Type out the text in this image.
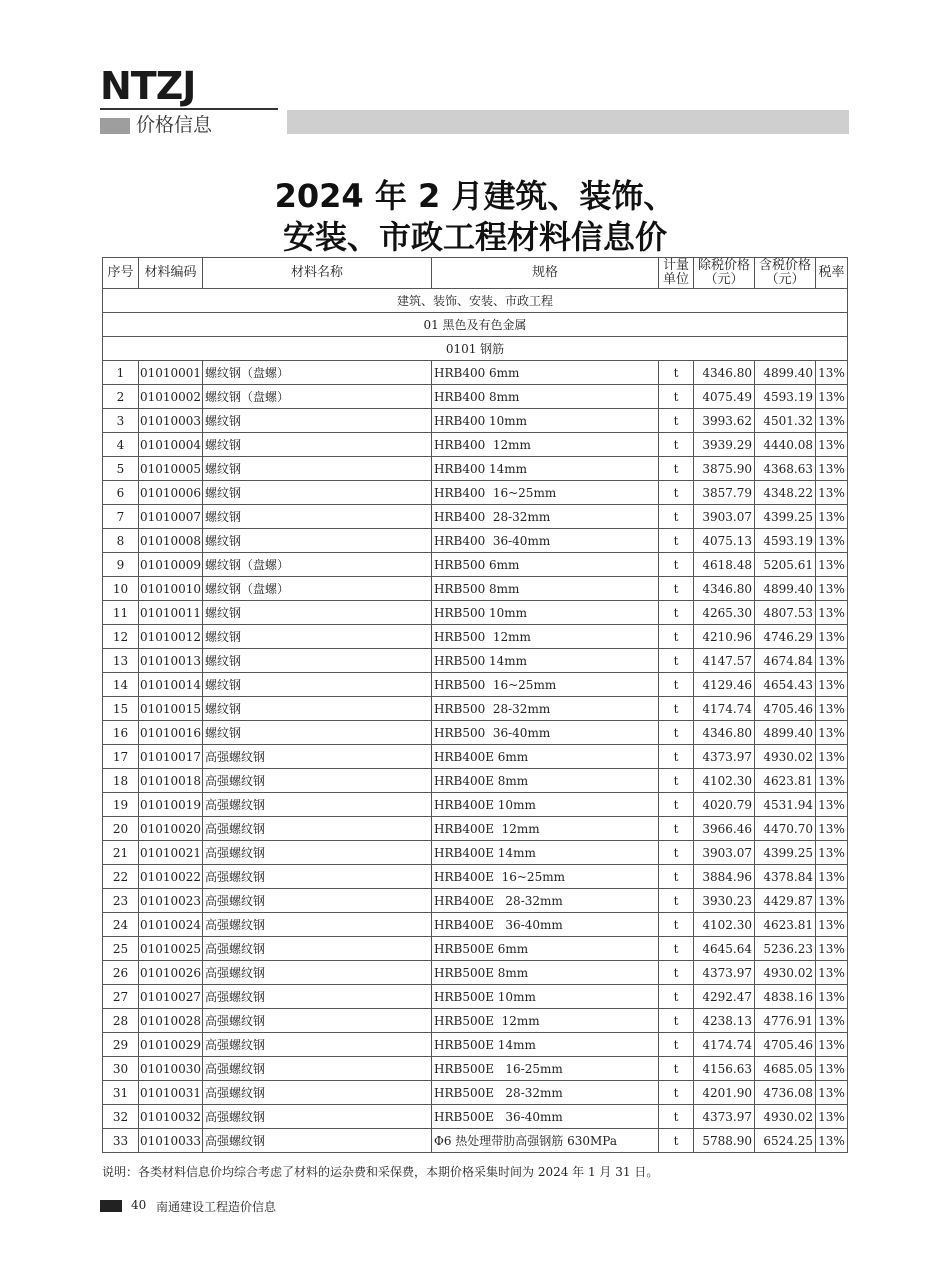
NTZJ
价格信息
2024 年 2 月建筑、装饰、
安装、市政工程材料信息价
序号	材料编码	材料名称	规格	计量单位	除税价格（元）	含税价格（元）	税率
建筑、装饰、安装、市政工程							
01 黑色及有色金属							
0101 钢筋							
1	01010001	螺纹钢（盘螺）	HRB400 6mm	t	4346.80	4899.40	13%
2	01010002	螺纹钢（盘螺）	HRB400 8mm	t	4075.49	4593.19	13%
3	01010003	螺纹钢	HRB400 10mm	t	3993.62	4501.32	13%
4	01010004	螺纹钢	HRB400  12mm	t	3939.29	4440.08	13%
5	01010005	螺纹钢	HRB400 14mm	t	3875.90	4368.63	13%
6	01010006	螺纹钢	HRB400  16~25mm	t	3857.79	4348.22	13%
7	01010007	螺纹钢	HRB400  28-32mm	t	3903.07	4399.25	13%
8	01010008	螺纹钢	HRB400  36-40mm	t	4075.13	4593.19	13%
9	01010009	螺纹钢（盘螺）	HRB500 6mm	t	4618.48	5205.61	13%
10	01010010	螺纹钢（盘螺）	HRB500 8mm	t	4346.80	4899.40	13%
11	01010011	螺纹钢	HRB500 10mm	t	4265.30	4807.53	13%
12	01010012	螺纹钢	HRB500  12mm	t	4210.96	4746.29	13%
13	01010013	螺纹钢	HRB500 14mm	t	4147.57	4674.84	13%
14	01010014	螺纹钢	HRB500  16~25mm	t	4129.46	4654.43	13%
15	01010015	螺纹钢	HRB500  28-32mm	t	4174.74	4705.46	13%
16	01010016	螺纹钢	HRB500  36-40mm	t	4346.80	4899.40	13%
17	01010017	高强螺纹钢	HRB400E 6mm	t	4373.97	4930.02	13%
18	01010018	高强螺纹钢	HRB400E 8mm	t	4102.30	4623.81	13%
19	01010019	高强螺纹钢	HRB400E 10mm	t	4020.79	4531.94	13%
20	01010020	高强螺纹钢	HRB400E  12mm	t	3966.46	4470.70	13%
21	01010021	高强螺纹钢	HRB400E 14mm	t	3903.07	4399.25	13%
22	01010022	高强螺纹钢	HRB400E  16~25mm	t	3884.96	4378.84	13%
23	01010023	高强螺纹钢	HRB400E   28-32mm	t	3930.23	4429.87	13%
24	01010024	高强螺纹钢	HRB400E   36-40mm	t	4102.30	4623.81	13%
25	01010025	高强螺纹钢	HRB500E 6mm	t	4645.64	5236.23	13%
26	01010026	高强螺纹钢	HRB500E 8mm	t	4373.97	4930.02	13%
27	01010027	高强螺纹钢	HRB500E 10mm	t	4292.47	4838.16	13%
28	01010028	高强螺纹钢	HRB500E  12mm	t	4238.13	4776.91	13%
29	01010029	高强螺纹钢	HRB500E 14mm	t	4174.74	4705.46	13%
30	01010030	高强螺纹钢	HRB500E   16-25mm	t	4156.63	4685.05	13%
31	01010031	高强螺纹钢	HRB500E   28-32mm	t	4201.90	4736.08	13%
32	01010032	高强螺纹钢	HRB500E   36-40mm	t	4373.97	4930.02	13%
33	01010033	高强螺纹钢	Φ6 热处理带肋高强钢筋 630MPa	t	5788.90	6524.25	13%
说明：各类材料信息价均综合考虑了材料的运杂费和采保费，本期价格采集时间为 2024 年 1 月 31 日。
40 南通建设工程造价信息
